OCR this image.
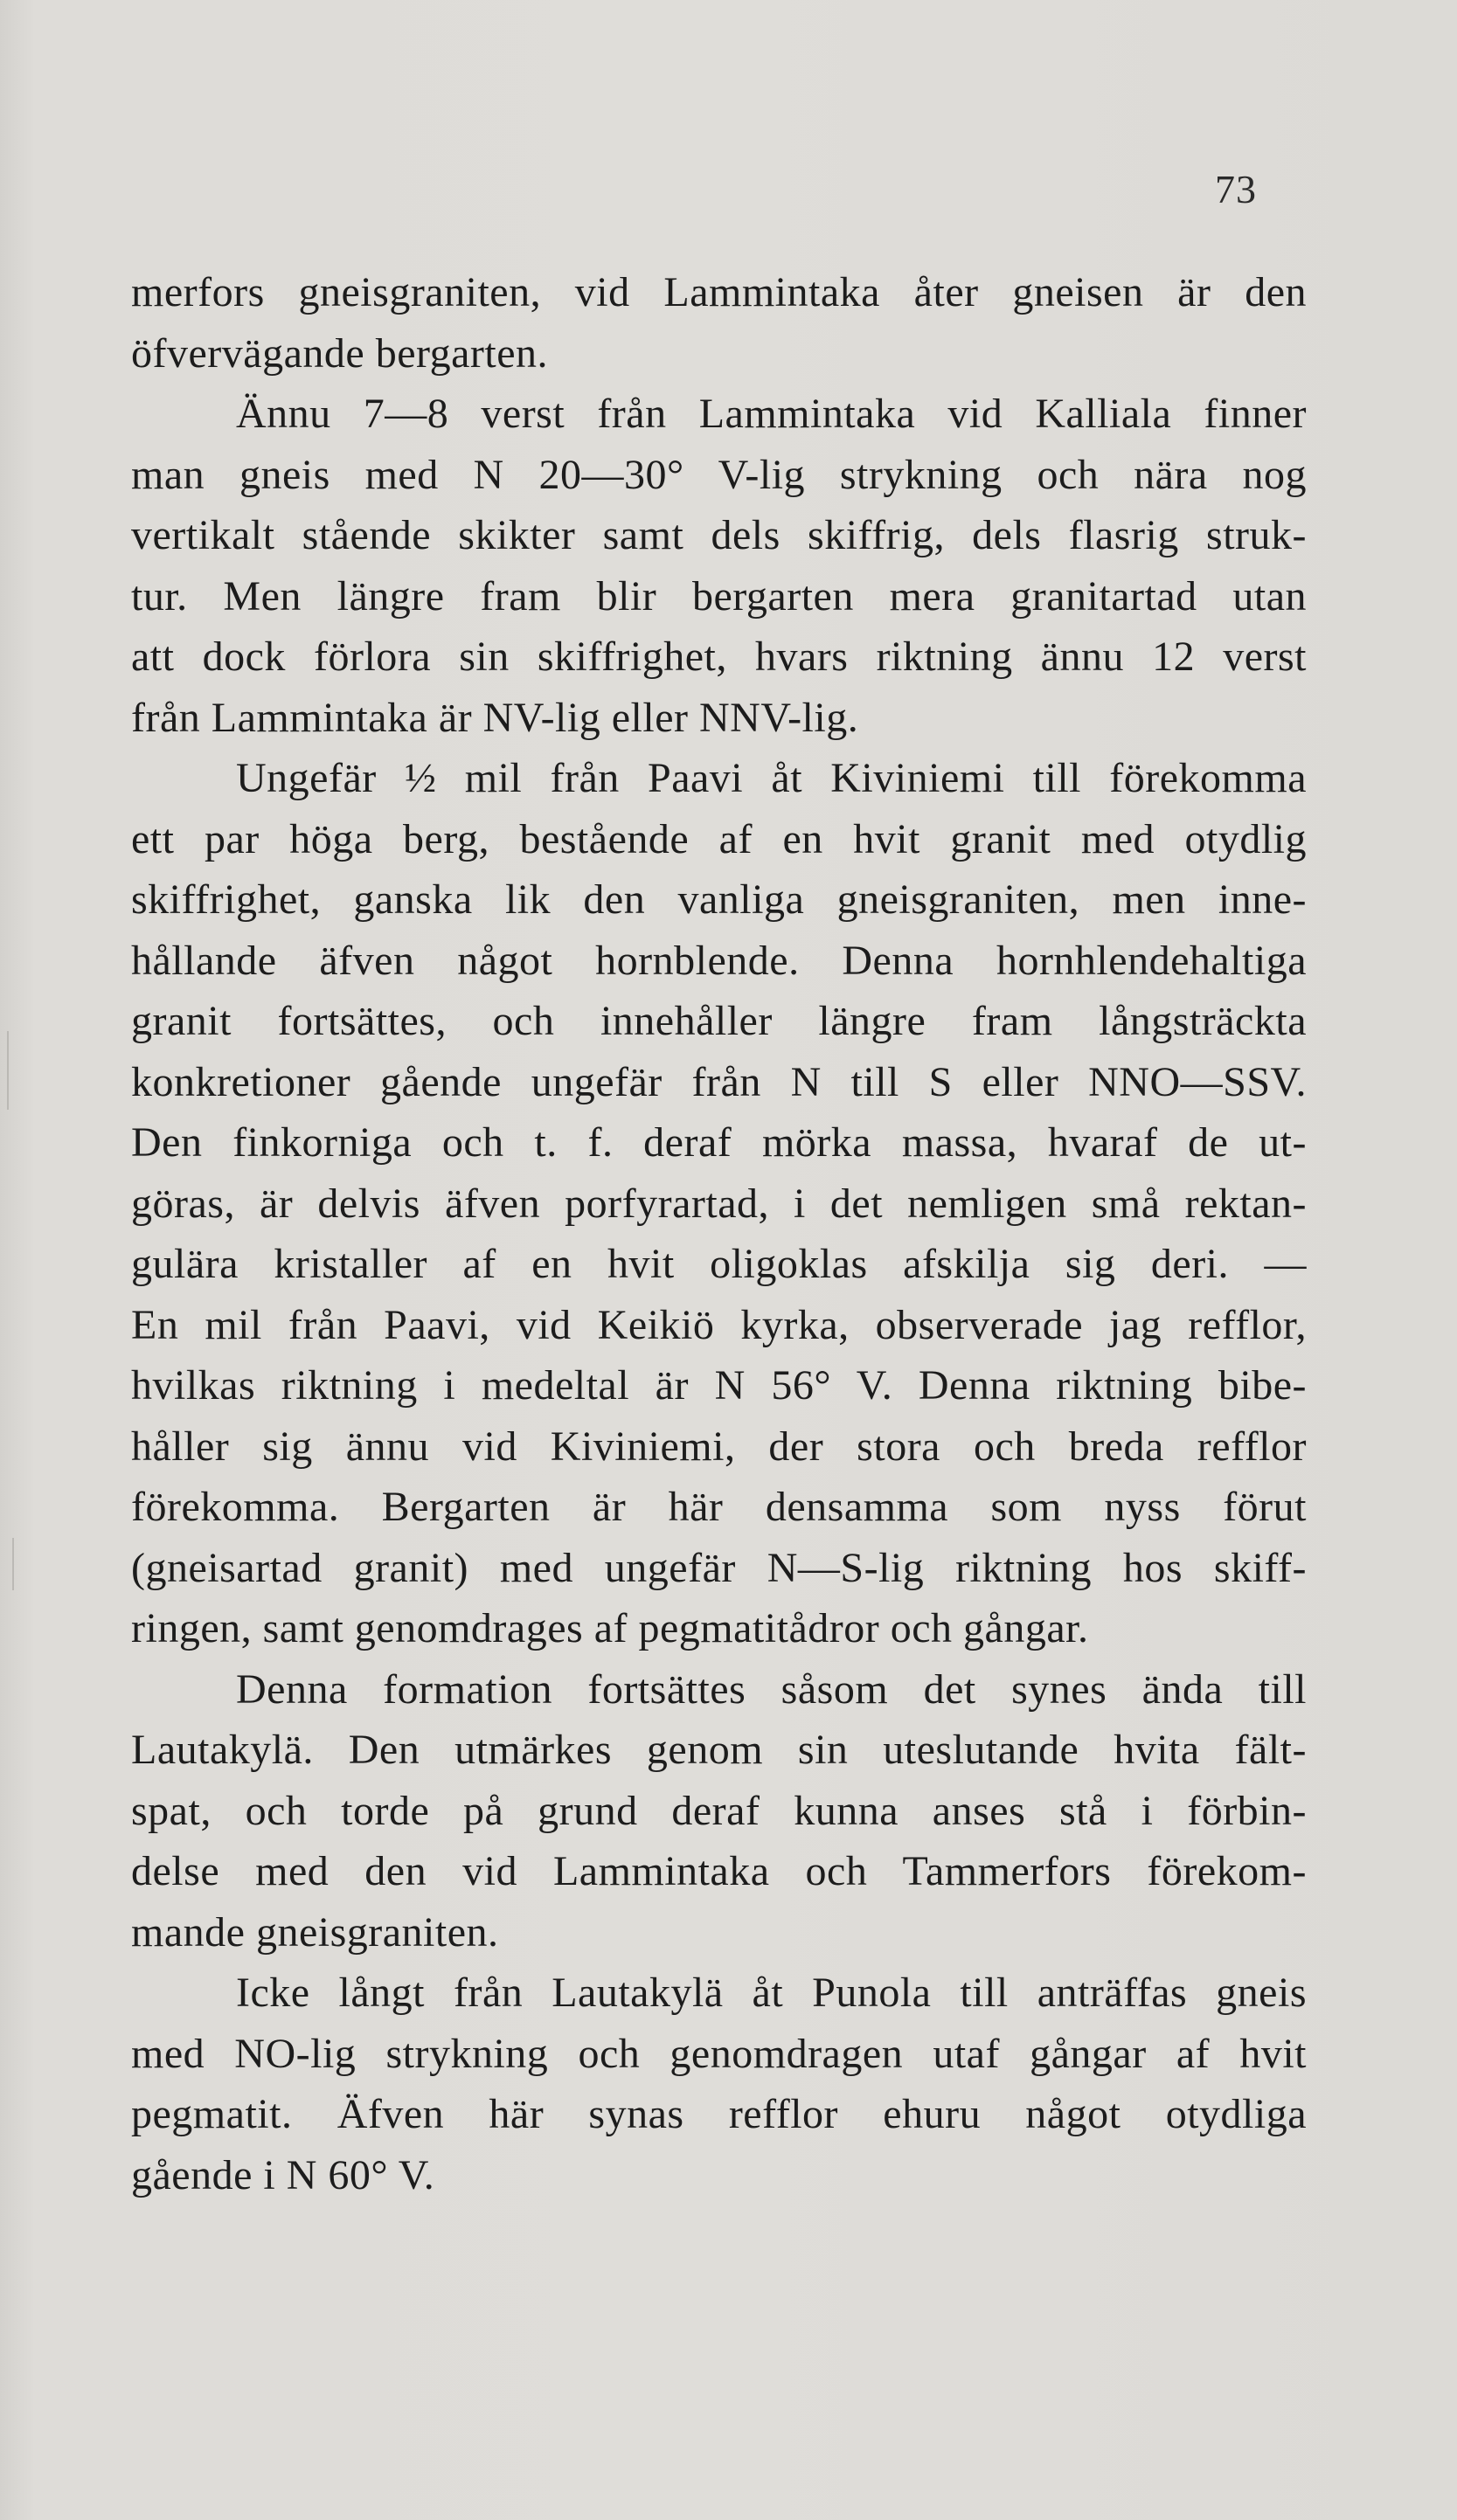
73
merfors gneisgraniten, vid Lammintaka åter gneisen är den
öfvervägande bergarten.
Ännu 7—8 verst från Lammintaka vid Kalliala finner
man gneis med N 20—30° V-lig strykning och nära nog
vertikalt stående skikter samt dels skiffrig, dels flasrig struk-
tur. Men längre fram blir bergarten mera granitartad utan
att dock förlora sin skiffrighet, hvars riktning ännu 12 verst
från Lammintaka är NV-lig eller NNV-lig.
Ungefär ½ mil från Paavi åt Kiviniemi till förekomma
ett par höga berg, bestående af en hvit granit med otydlig
skiffrighet, ganska lik den vanliga gneisgraniten, men inne-
hållande äfven något hornblende. Denna hornhlendehaltiga
granit fortsättes, och innehåller längre fram långsträckta
konkretioner gående ungefär från N till S eller NNO—SSV.
Den finkorniga och t. f. deraf mörka massa, hvaraf de ut-
göras, är delvis äfven porfyrartad, i det nemligen små rektan-
gulära kristaller af en hvit oligoklas afskilja sig deri. —
En mil från Paavi, vid Keikiö kyrka, observerade jag refflor,
hvilkas riktning i medeltal är N 56° V. Denna riktning bibe-
håller sig ännu vid Kiviniemi, der stora och breda refflor
förekomma. Bergarten är här densamma som nyss förut
(gneisartad granit) med ungefär N—S-lig riktning hos skiff-
ringen, samt genomdrages af pegmatitådror och gångar.
Denna formation fortsättes såsom det synes ända till
Lautakylä. Den utmärkes genom sin uteslutande hvita fält-
spat, och torde på grund deraf kunna anses stå i förbin-
delse med den vid Lammintaka och Tammerfors förekom-
mande gneisgraniten.
Icke långt från Lautakylä åt Punola till anträffas gneis
med NO-lig strykning och genomdragen utaf gångar af hvit
pegmatit. Äfven här synas refflor ehuru något otydliga
gående i N 60° V.
